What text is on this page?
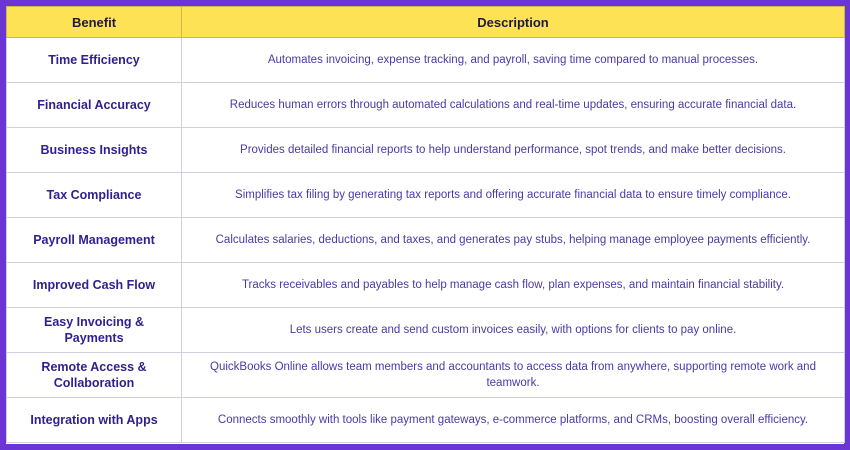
Benefit	Description
Time Efficiency	Automates invoicing, expense tracking, and payroll, saving time compared to manual processes.
Financial Accuracy	Reduces human errors through automated calculations and real-time updates, ensuring accurate financial data.
Business Insights	Provides detailed financial reports to help understand performance, spot trends, and make better decisions.
Tax Compliance	Simplifies tax filing by generating tax reports and offering accurate financial data to ensure timely compliance.
Payroll Management	Calculates salaries, deductions, and taxes, and generates pay stubs, helping manage employee payments efficiently.
Improved Cash Flow	Tracks receivables and payables to help manage cash flow, plan expenses, and maintain financial stability.
Easy Invoicing & Payments	Lets users create and send custom invoices easily, with options for clients to pay online.
Remote Access & Collaboration	QuickBooks Online allows team members and accountants to access data from anywhere, supporting remote work and teamwork.
Integration with Apps	Connects smoothly with tools like payment gateways, e-commerce platforms, and CRMs, boosting overall efficiency.
